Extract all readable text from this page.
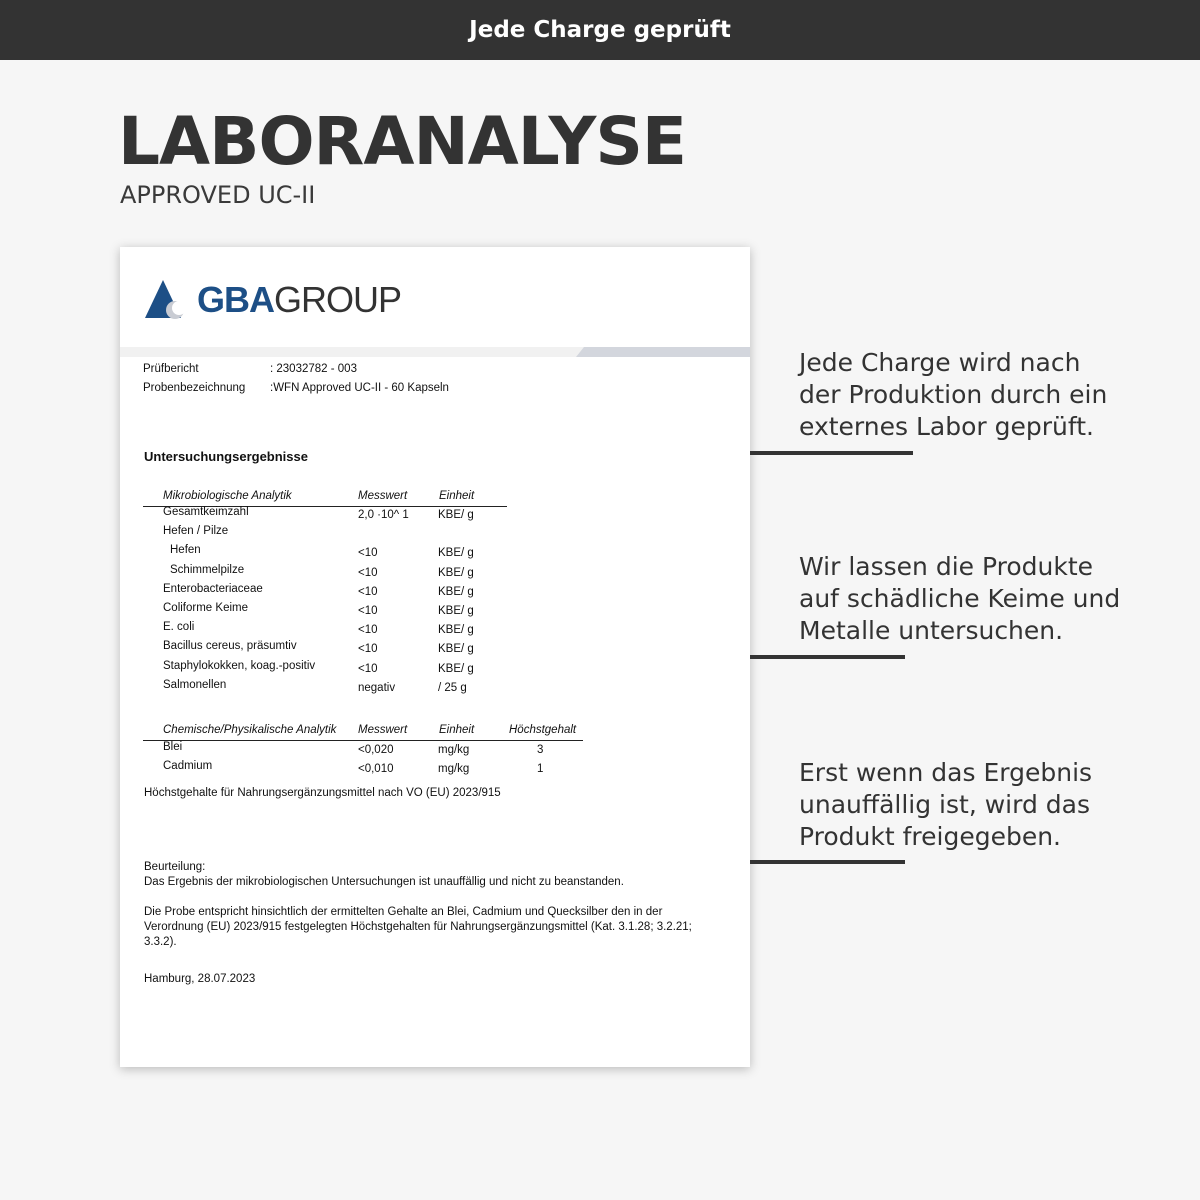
Jede Charge geprüft
LABORANALYSE
APPROVED UC-II
GBAGROUP
Prüfbericht	: 23032782 - 003
Probenbezeichnung :WFN Approved UC-II - 60 Kapseln
Untersuchungsergebnisse
Mikrobiologische Analytik	Messwert	Einheit
Chemische/Physikalische Analytik Messwert	Einheit	Höchstgehalt
Höchstgehalte für Nahrungsergänzungsmittel nach VO (EU) 2023/915
Beurteilung:
Das Ergebnis der mikrobiologischen Untersuchungen ist unauffällig und nicht zu beanstanden.
Die Probe entspricht hinsichtlich der ermittelten Gehalte an Blei, Cadmium und Quecksilber den in der
Verordnung (EU) 2023/915 festgelegten Höchstgehalten für Nahrungsergänzungsmittel (Kat. 3.1.28; 3.2.21;
3.3.2).
Hamburg, 28.07.2023
Gesamtkeimzahl	2,0 ·10^ 1	KBE/ g
Hefen / Pilze
Hefen	<10	KBE/ g
Schimmelpilze	<10	KBE/ g
Enterobacteriaceae	<10	KBE/ g
Coliforme Keime	<10	KBE/ g
E. coli	<10	KBE/ g
Bacillus cereus, präsumtiv	<10	KBE/ g
Staphylokokken, koag.-positiv	<10	KBE/ g
Salmonellen	negativ	/ 25 g
Blei	<0,020	mg/kg	3
Cadmium	<0,010	mg/kg	1
Jede Charge wird nach
der Produktion durch ein
externes Labor geprüft.
Wir lassen die Produkte
auf schädliche Keime und
Metalle untersuchen.
Erst wenn das Ergebnis
unauffällig ist, wird das
Produkt freigegeben.
